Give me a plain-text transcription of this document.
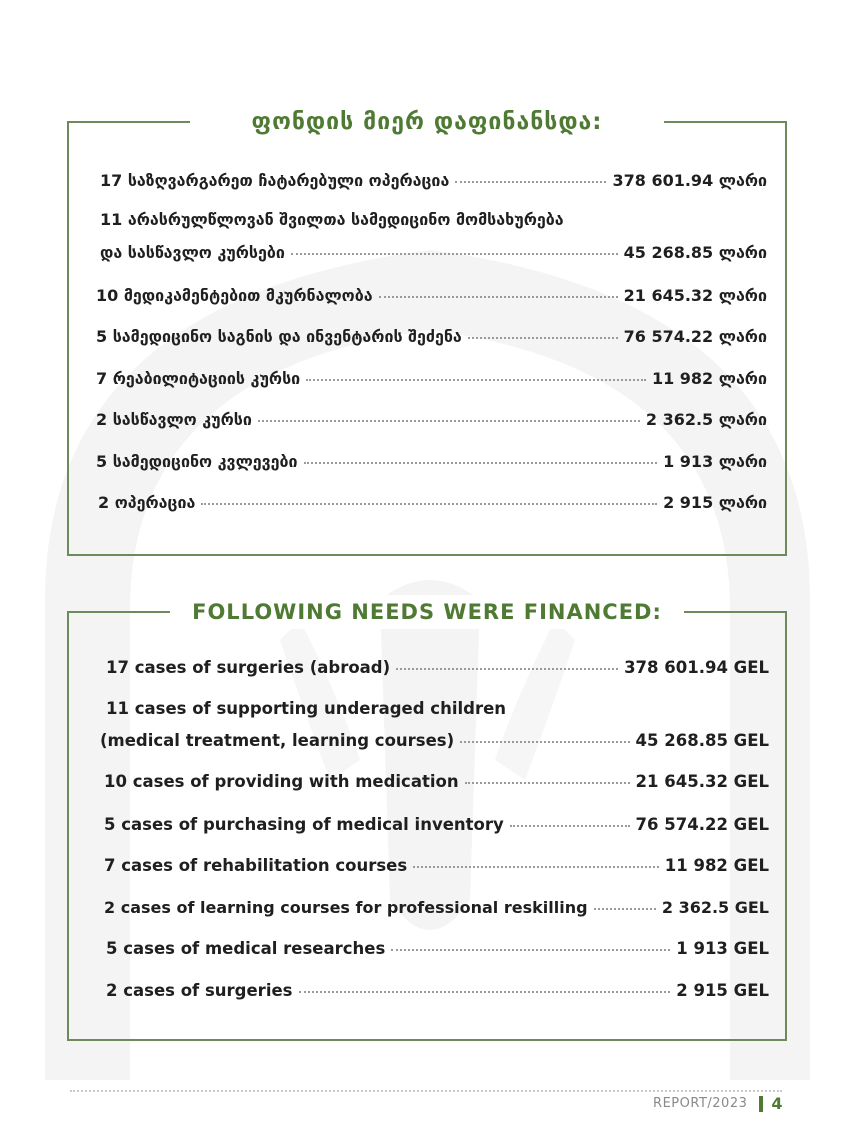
ფონდის მიერ დაფინანსდა:
17 საზღვარგარეთ ჩატარებული ოპერაცია	378 601.94 ლარი
11 არასრულწლოვან შვილთა სამედიცინო მომსახურება
და სასწავლო კურსები	45 268.85 ლარი
10 მედიკამენტებით მკურნალობა	21 645.32 ლარი
5 სამედიცინო საგნის და ინვენტარის შეძენა	76 574.22 ლარი
7 რეაბილიტაციის კურსი	11 982 ლარი
2 სასწავლო კურსი	2 362.5 ლარი
5 სამედიცინო კვლევები	1 913 ლარი
2 ოპერაცია	2 915 ლარი
FOLLOWING NEEDS WERE FINANCED:
17 cases of surgeries (abroad)	378 601.94 GEL
11 cases of supporting underaged children
(medical treatment, learning courses)	45 268.85 GEL
10 cases of providing with medication	21 645.32 GEL
5 cases of purchasing of medical inventory	76 574.22 GEL
7 cases of rehabilitation courses	11 982 GEL
2 cases of learning courses for professional reskilling	2 362.5 GEL
5 cases of medical researches	1 913 GEL
2 cases of surgeries	2 915 GEL
REPORT/2023 4
